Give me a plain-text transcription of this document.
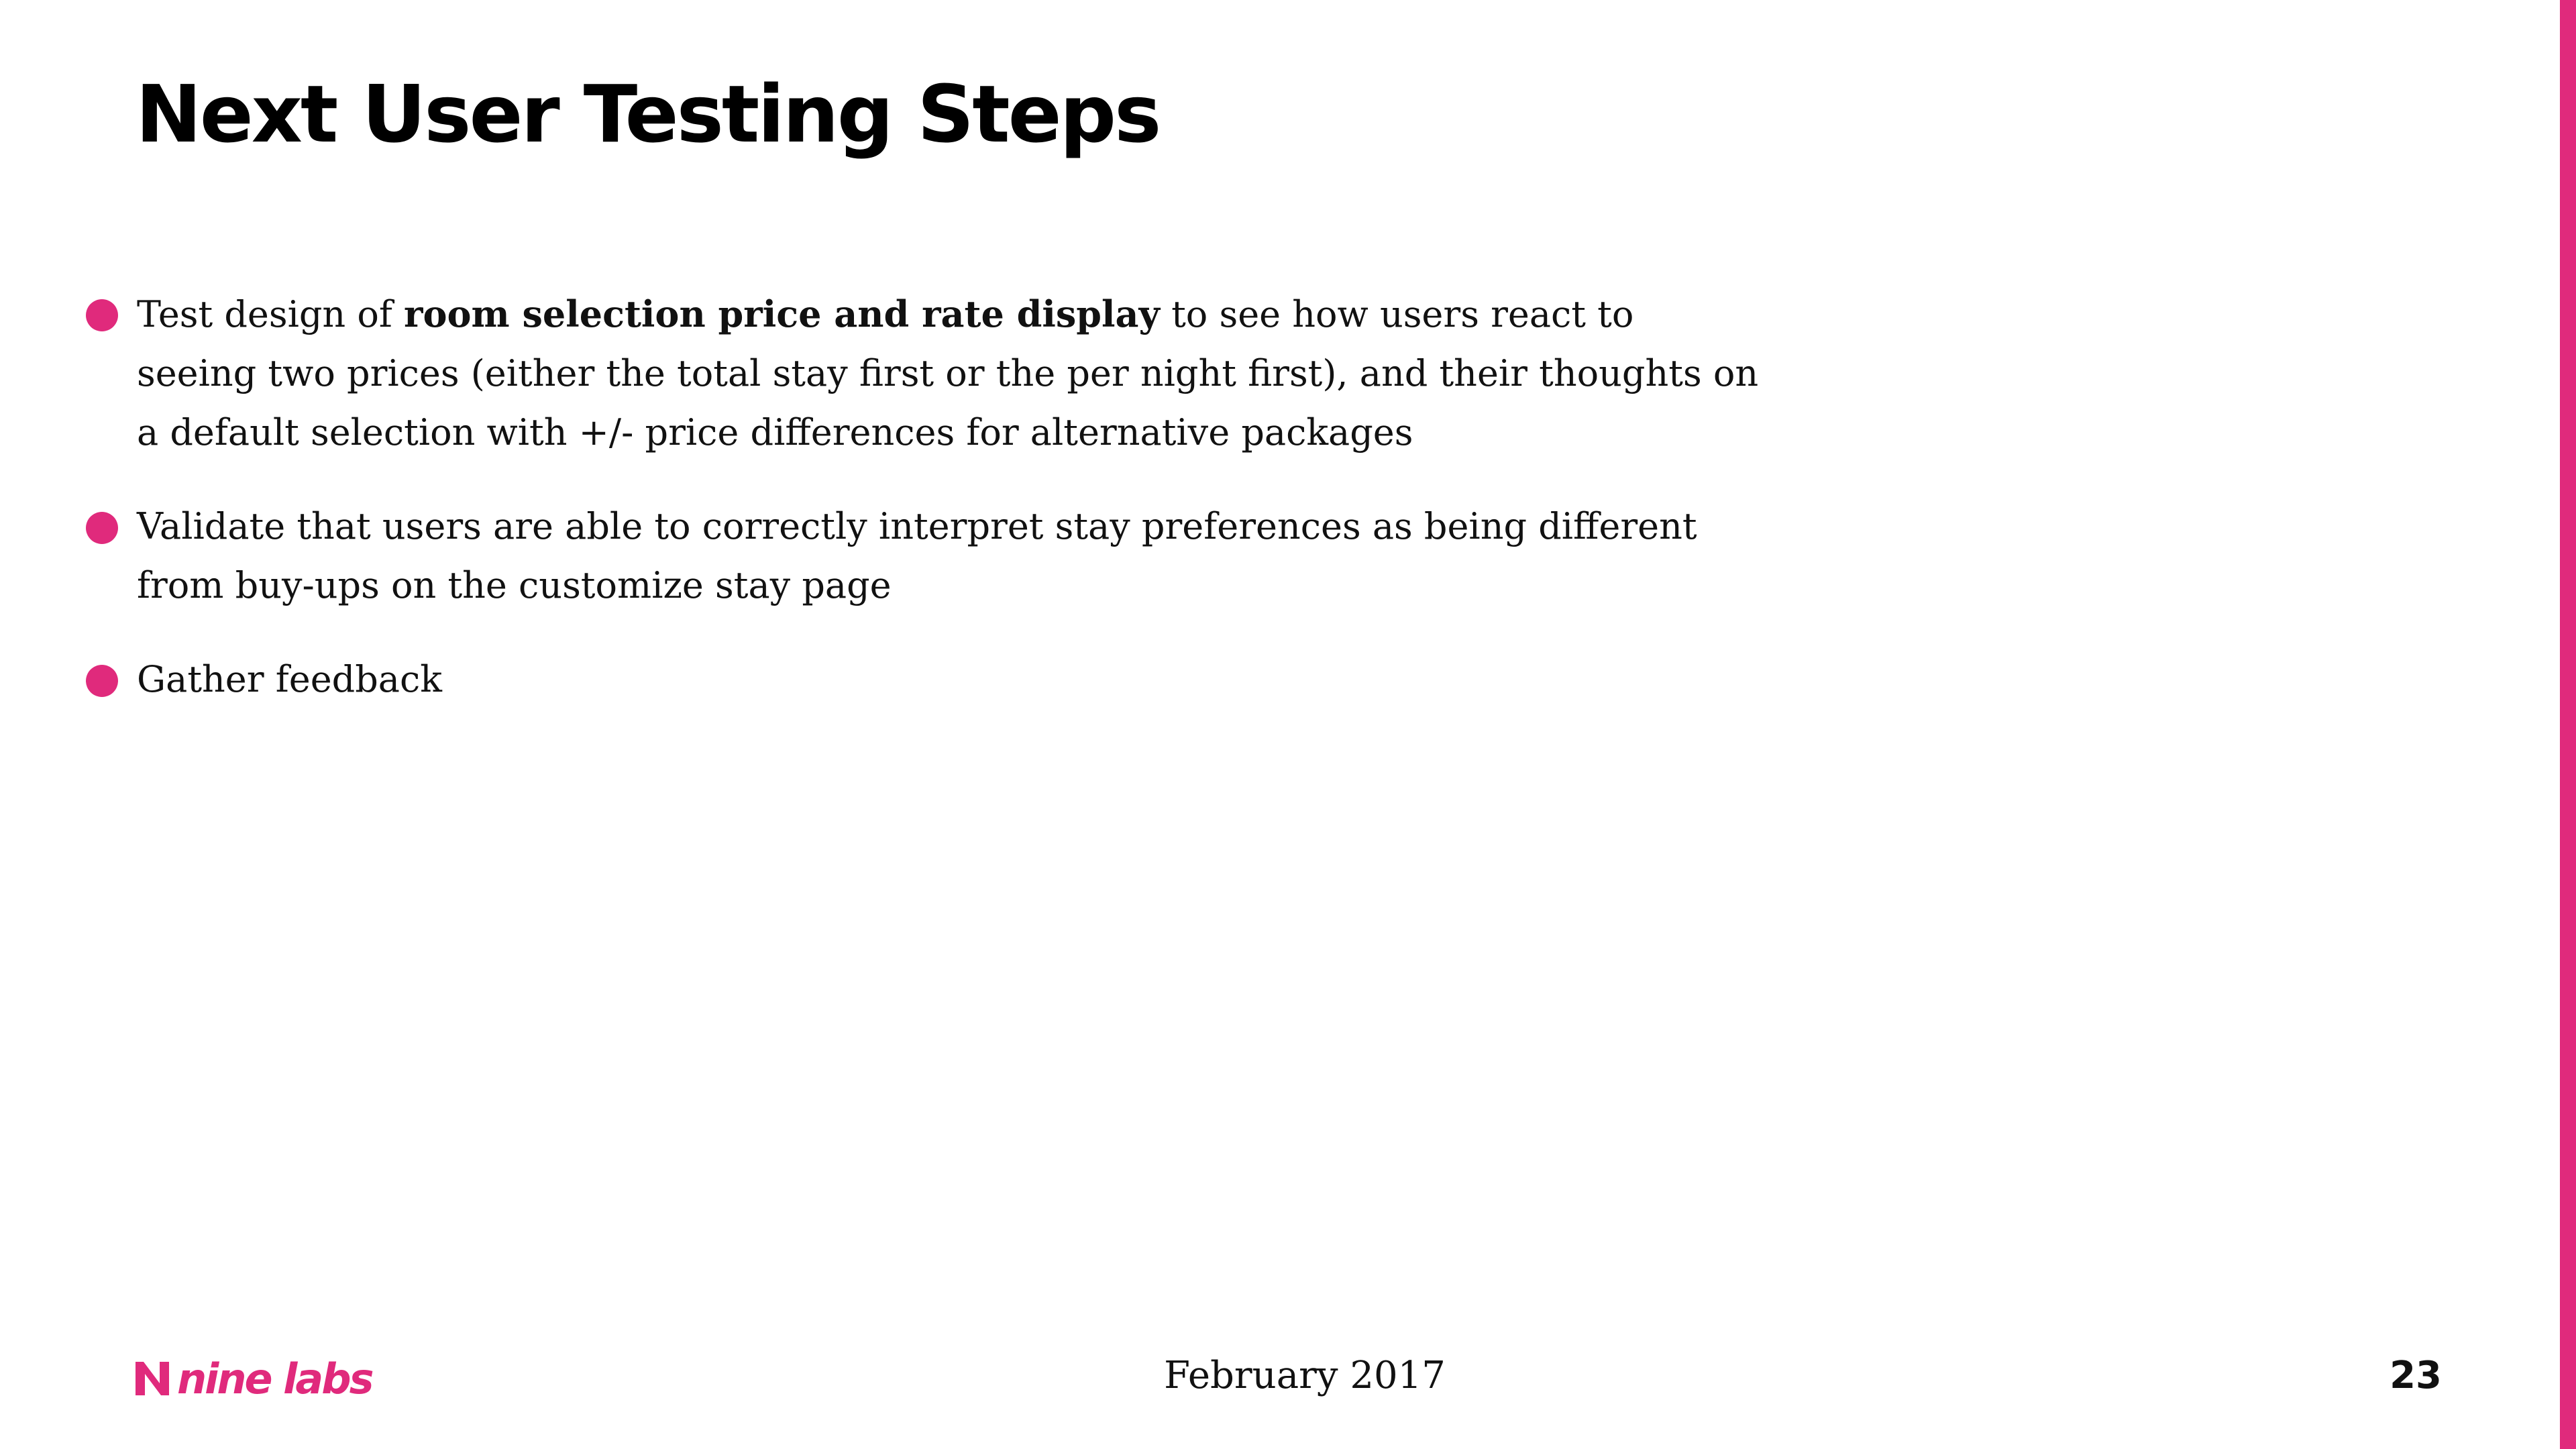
Next User Testing Steps
Test design of room selection price and rate display to see how users react to seeing two prices (either the total stay first or the per night first), and their thoughts on a default selection with +/- price differences for alternative packages
Validate that users are able to correctly interpret stay preferences as being different from buy-ups on the customize stay page
Gather feedback
nine labs	February 2017	23
